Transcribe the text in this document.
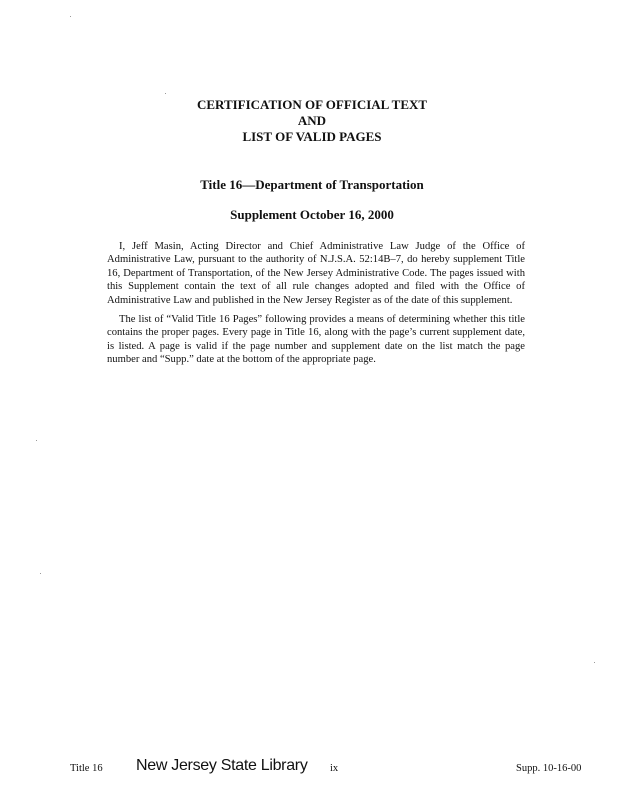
CERTIFICATION OF OFFICIAL TEXT
AND
LIST OF VALID PAGES
Title 16—Department of Transportation
Supplement October 16, 2000
I, Jeff Masin, Acting Director and Chief Administrative Law Judge of the Office of Administrative Law, pursuant to the authority of N.J.S.A. 52:14B–7, do hereby supplement Title 16, Department of Transportation, of the New Jersey Administrative Code. The pages issued with this Supplement contain the text of all rule changes adopted and filed with the Office of Administrative Law and published in the New Jersey Register as of the date of this supplement.
The list of “Valid Title 16 Pages” following provides a means of determining whether this title contains the proper pages. Every page in Title 16, along with the page’s current supplement date, is listed. A page is valid if the page number and supplement date on the list match the page number and “Supp.” date at the bottom of the appropriate page.
Title 16 New Jersey State Library ix	Supp. 10-16-00
